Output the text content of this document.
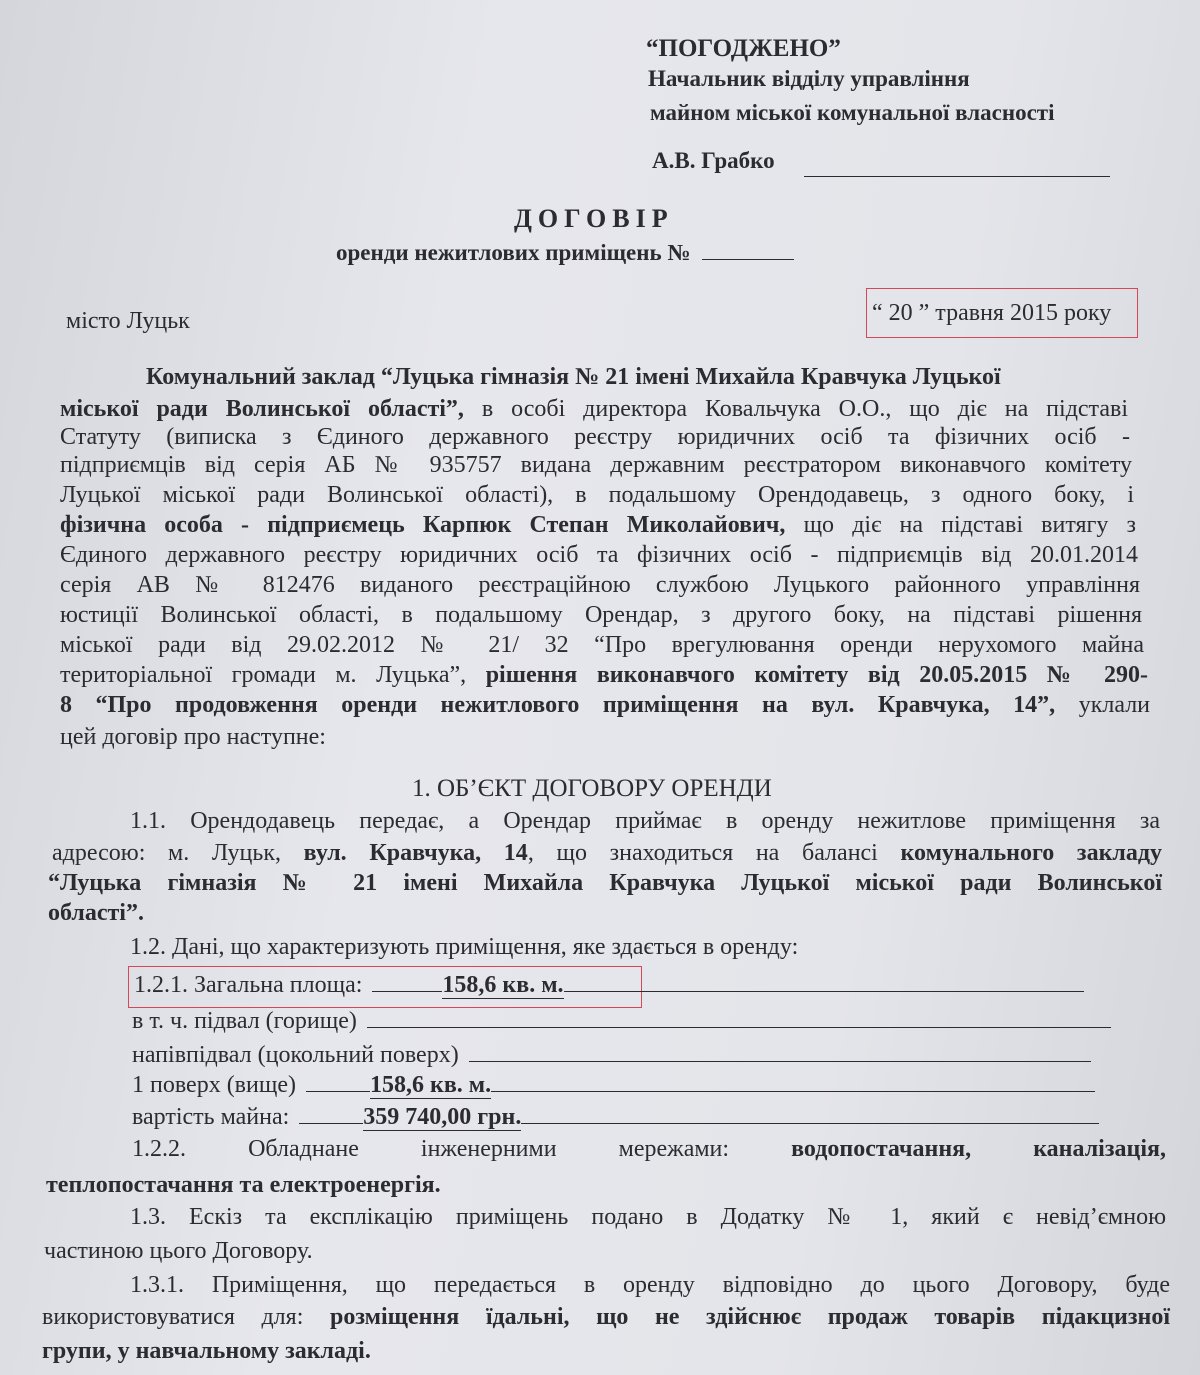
“ПОГОДЖЕНО”
Начальник відділу управління
майном міської комунальної власності
А.В. Грабко
ДОГОВІР
оренди нежитлових приміщень №
місто Луцьк	“ 20 ” травня 2015 року
Комунальний заклад “Луцька гімназія № 21 імені Михайла Кравчука Луцької
міської ради Волинської області”, в особі директора Ковальчука О.О., що діє на підставі
Статуту (виписка з Єдиного державного реєстру юридичних осіб та фізичних осіб -
підприємців від серія АБ № 935757 видана державним реєстратором виконавчого комітету
Луцької міської ради Волинської області), в подальшому Орендодавець, з одного боку, і
фізична особа - підприємець Карпюк Степан Миколайович, що діє на підставі витягу з
Єдиного державного реєстру юридичних осіб та фізичних осіб - підприємців від 20.01.2014
серія АВ № 812476 виданого реєстраційною службою Луцького районного управління
юстиції Волинської області, в подальшому Орендар, з другого боку, на підставі рішення
міської ради від 29.02.2012 № 21/ 32 “Про врегулювання оренди нерухомого майна
територіальної громади м. Луцька”, рішення виконавчого комітету від 20.05.2015 № 290-
8 “Про продовження оренди нежитлового приміщення на вул. Кравчука, 14”, уклали
цей договір про наступне:
1. ОБ’ЄКТ ДОГОВОРУ ОРЕНДИ
1.1. Орендодавець передає, а Орендар приймає в оренду нежитлове приміщення за
адресою: м. Луцьк, вул. Кравчука, 14, що знаходиться на балансі комунального закладу
“Луцька гімназія № 21 імені Михайла Кравчука Луцької міської ради Волинської
області”.
1.2. Дані, що характеризують приміщення, яке здається в оренду:
1.2.1. Загальна площа:	158,6 кв. м.
в т. ч. підвал (горище)
напівпідвал (цокольний поверх)
1 поверх (вище)	158,6 кв. м.
вартість майна:	359 740,00 грн.
1.2.2. Обладнане інженерними мережами: водопостачання, каналізація,
теплопостачання та електроенергія.
1.3. Ескіз та експлікацію приміщень подано в Додатку № 1, який є невід’ємною
частиною цього Договору.
1.3.1. Приміщення, що передається в оренду відповідно до цього Договору, буде
використовуватися для: розміщення їдальні, що не здійснює продаж товарів підакцизної
групи, у навчальному закладі.
